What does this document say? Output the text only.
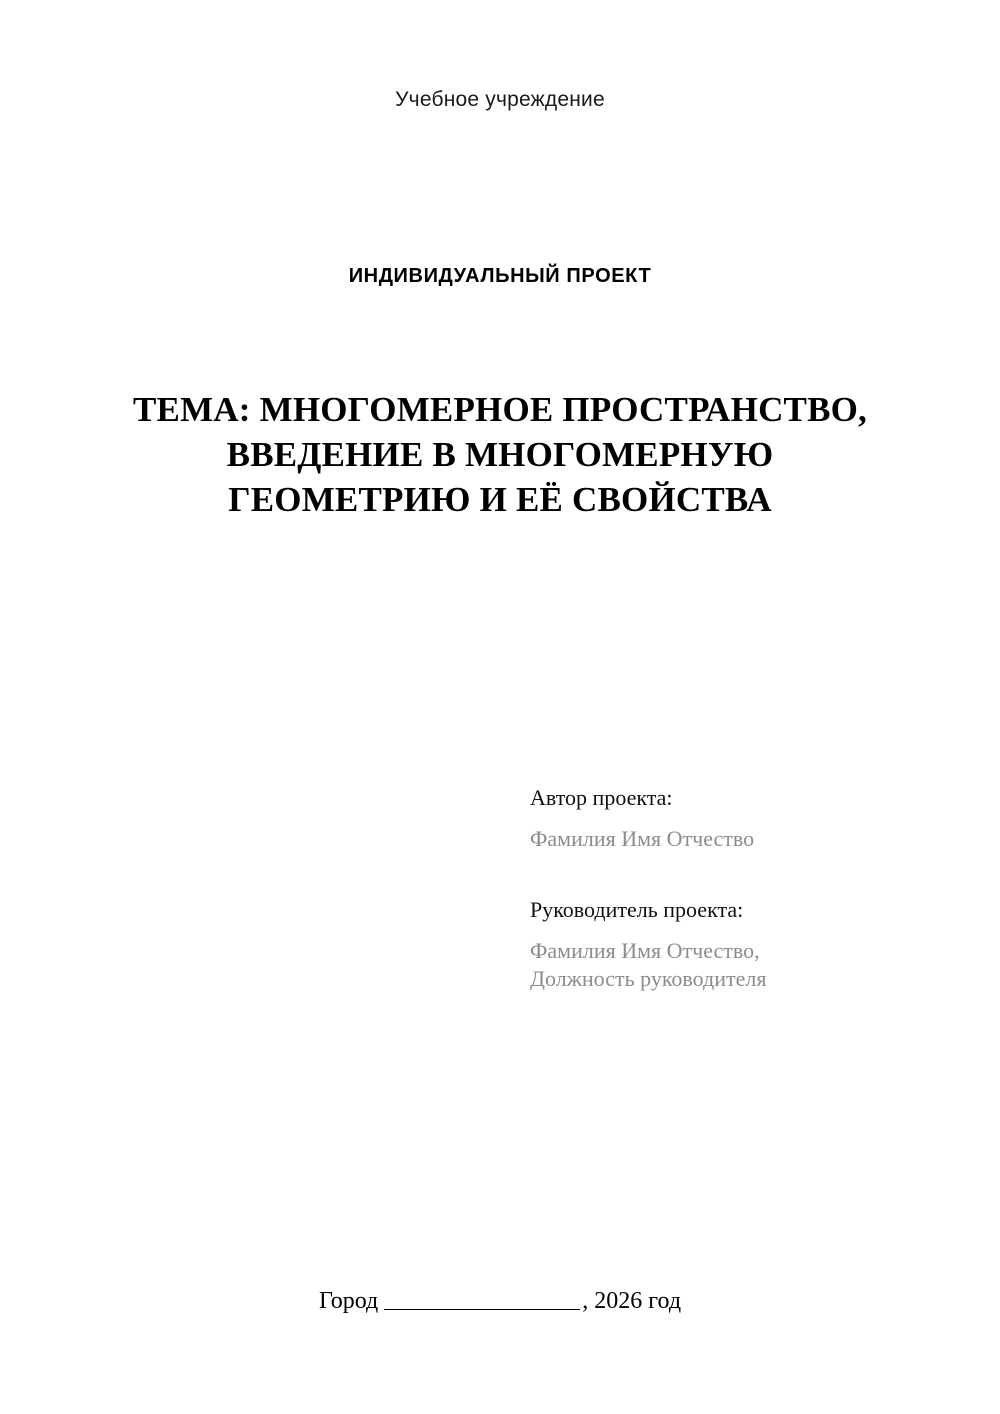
Учебное учреждение
ИНДИВИДУАЛЬНЫЙ ПРОЕКТ
ТЕМА: МНОГОМЕРНОЕ ПРОСТРАНСТВО, ВВЕДЕНИЕ В МНОГОМЕРНУЮ ГЕОМЕТРИЮ И ЕЁ СВОЙСТВА

Автор проекта:

Фамилия Имя Отчество

Руководитель проекта:

Фамилия Имя Отчество,

Должность руководителя

Город	, 2026 год
